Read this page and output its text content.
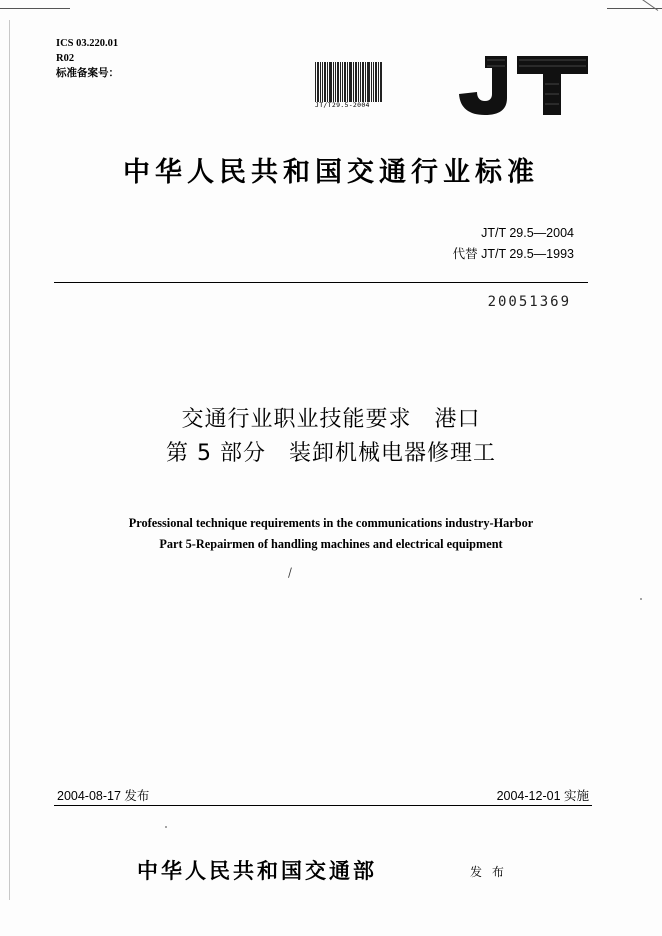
ICS 03.220.01
R02
标准备案号：
JT/T29.5-2004
中华人民共和国交通行业标准
JT/T 29.5—2004
代替 JT/T 29.5—1993
20051369
交通行业职业技能要求　港口
第 5 部分　装卸机械电器修理工
Professional technique requirements in the communications industry-Harbor
Part 5-Repairmen of handling machines and electrical equipment
⁄
2004-08-17 发布	2004-12-01 实施
中华人民共和国交通部	发 布
